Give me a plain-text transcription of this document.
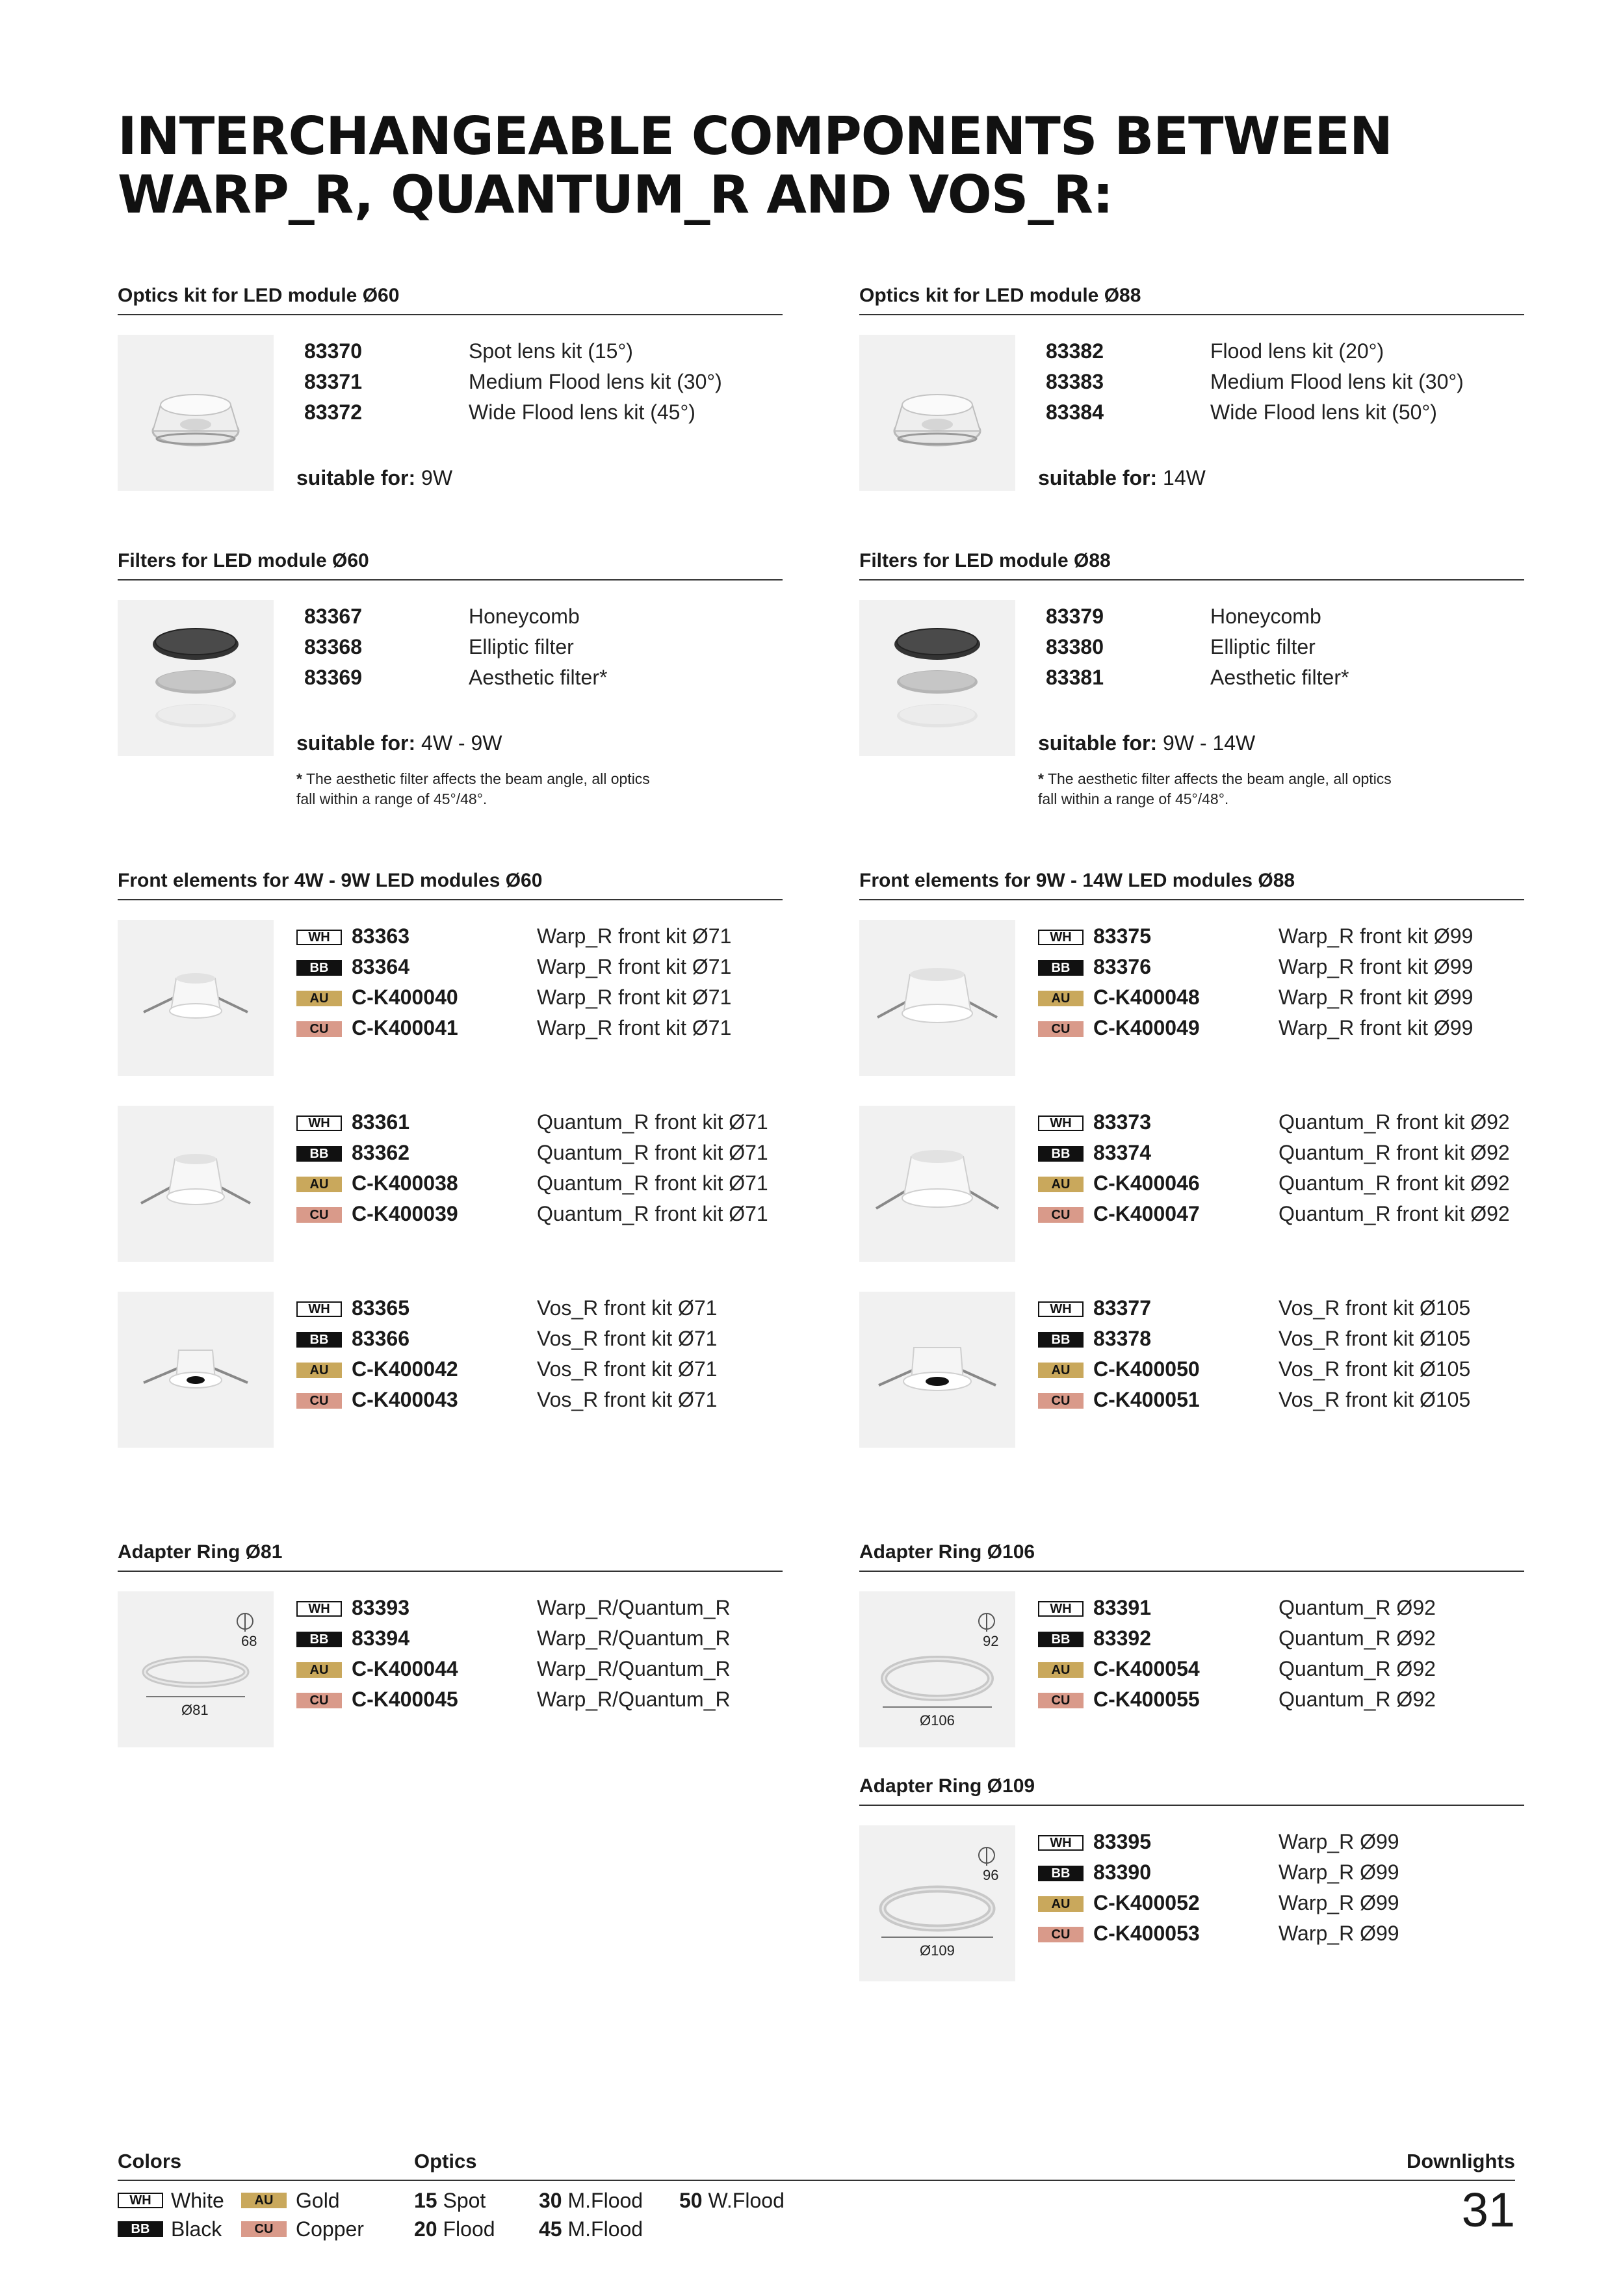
INTERCHANGEABLE COMPONENTS BETWEEN
WARP_R, QUANTUM_R AND VOS_R:
Optics kit for LED module Ø60
83370	Spot lens kit (15°)
83371	Medium Flood lens kit (30°)
83372	Wide Flood lens kit (45°)
suitable for: 9W
Optics kit for LED module Ø88
83382	Flood lens kit (20°)
83383	Medium Flood lens kit (30°)
83384	Wide Flood lens kit (50°)
suitable for: 14W
Filters for LED module Ø60
83367	Honeycomb
83368	Elliptic filter
83369	Aesthetic filter*
suitable for: 4W - 9W
* The aesthetic filter affects the beam angle, all optics
fall within a range of 45°/48°.
Filters for LED module Ø88
83379	Honeycomb
83380	Elliptic filter
83381	Aesthetic filter*
suitable for: 9W - 14W
* The aesthetic filter affects the beam angle, all optics
fall within a range of 45°/48°.
Front elements for 4W - 9W LED modules Ø60
WH	83363	Warp_R front kit Ø71
BB	83364	Warp_R front kit Ø71
AU	C-K400040	Warp_R front kit Ø71
CU	C-K400041	Warp_R front kit Ø71
WH	83361	Quantum_R front kit Ø71
BB	83362	Quantum_R front kit Ø71
AU	C-K400038	Quantum_R front kit Ø71
CU	C-K400039	Quantum_R front kit Ø71
WH	83365	Vos_R front kit Ø71
BB	83366	Vos_R front kit Ø71
AU	C-K400042	Vos_R front kit Ø71
CU	C-K400043	Vos_R front kit Ø71
Front elements for 9W - 14W LED modules Ø88
WH	83375	Warp_R front kit Ø99
BB	83376	Warp_R front kit Ø99
AU	C-K400048	Warp_R front kit Ø99
CU	C-K400049	Warp_R front kit Ø99
WH	83373	Quantum_R front kit Ø92
BB	83374	Quantum_R front kit Ø92
AU	C-K400046	Quantum_R front kit Ø92
CU	C-K400047	Quantum_R front kit Ø92
WH	83377	Vos_R front kit Ø105
BB	83378	Vos_R front kit Ø105
AU	C-K400050	Vos_R front kit Ø105
CU	C-K400051	Vos_R front kit Ø105
Adapter Ring Ø81
68
Ø81
WH	83393	Warp_R/Quantum_R
BB	83394	Warp_R/Quantum_R
AU	C-K400044	Warp_R/Quantum_R
CU	C-K400045	Warp_R/Quantum_R
Adapter Ring Ø106
92
Ø106
WH	83391	Quantum_R Ø92
BB	83392	Quantum_R Ø92
AU	C-K400054	Quantum_R Ø92
CU	C-K400055	Quantum_R Ø92
Adapter Ring Ø109
96
Ø109
WH	83395	Warp_R Ø99
BB	83390	Warp_R Ø99
AU	C-K400052	Warp_R Ø99
CU	C-K400053	Warp_R Ø99
Colors	Optics	Downlights
WH White
BB	Black
AU	Gold
CU	Copper
15 Spot
20 Flood
30 M.Flood
45 M.Flood
50 W.Flood	31
